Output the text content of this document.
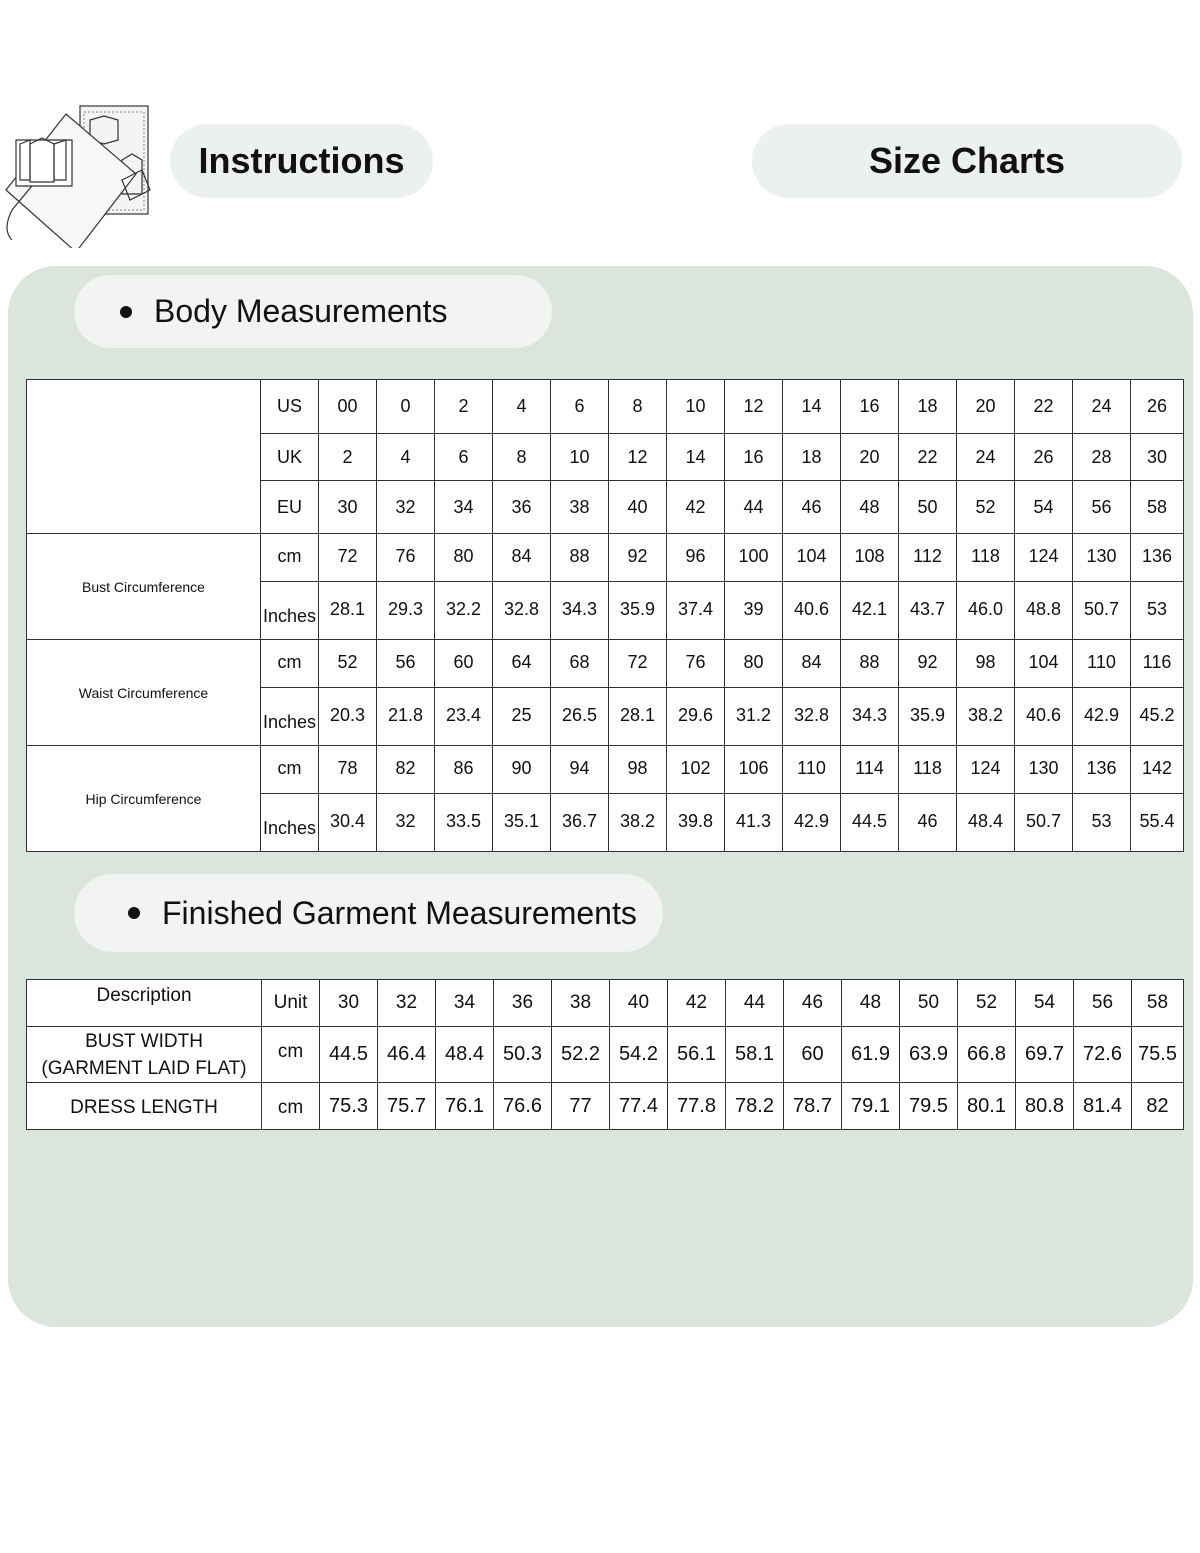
Instructions	Size Charts
Body Measurements
	US	00	0	2	4	6	8	10	12	14	16	18	20	22	24	26
	UK	2	4	6	8	10	12	14	16	18	20	22	24	26	28	30
	EU	30	32	34	36	38	40	42	44	46	48	50	52	54	56	58
Bust Circumference	cm	72	76	80	84	88	92	96	100	104	108	112	118	124	130	136
	Inches	28.1	29.3	32.2	32.8	34.3	35.9	37.4	39	40.6	42.1	43.7	46.0	48.8	50.7	53
Waist Circumference	cm	52	56	60	64	68	72	76	80	84	88	92	98	104	110	116
	Inches	20.3	21.8	23.4	25	26.5	28.1	29.6	31.2	32.8	34.3	35.9	38.2	40.6	42.9	45.2
Hip Circumference	cm	78	82	86	90	94	98	102	106	110	114	118	124	130	136	142
	Inches	30.4	32	33.5	35.1	36.7	38.2	39.8	41.3	42.9	44.5	46	48.4	50.7	53	55.4
Finished Garment Measurements
Description	Unit	30	32	34	36	38	40	42	44	46	48	50	52	54	56	58
BUST WIDTH (GARMENT LAID FLAT)	cm	44.5	46.4	48.4	50.3	52.2	54.2	56.1	58.1	60	61.9	63.9	66.8	69.7	72.6	75.5
DRESS LENGTH	cm	75.3	75.7	76.1	76.6	77	77.4	77.8	78.2	78.7	79.1	79.5	80.1	80.8	81.4	82
